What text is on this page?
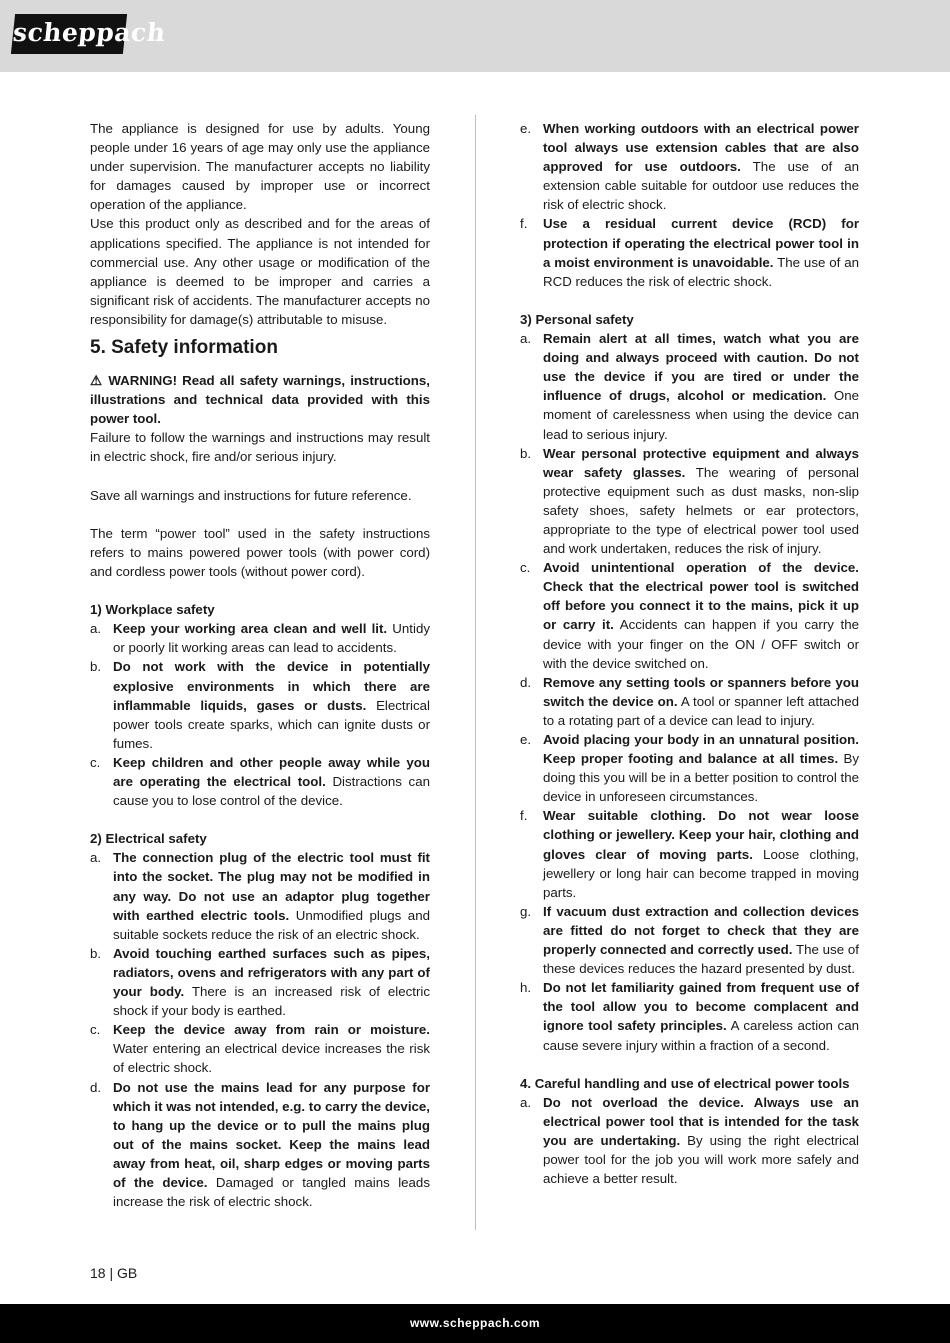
scheppach

The appliance is designed for use by adults. Young people under 16 years of age may only use the appliance under supervision. The manufacturer accepts no liability for damages caused by improper use or incorrect operation of the appliance.

Use this product only as described and for the areas of applications specified. The appliance is not intended for commercial use. Any other usage or modification of the appliance is deemed to be improper and carries a significant risk of accidents. The manufacturer accepts no responsibility for damage(s) attributable to misuse.

5. Safety information

⚠ WARNING! Read all safety warnings, instructions, illustrations and technical data provided with this power tool.

Failure to follow the warnings and instructions may result in electric shock, fire and/or serious injury.

Save all warnings and instructions for future reference.

The term “power tool” used in the safety instructions refers to mains powered power tools (with power cord) and cordless power tools (without power cord).

1) Workplace safety
a. Keep your working area clean and well lit. Untidy or poorly lit working areas can lead to accidents.
b. Do not work with the device in potentially explosive environments in which there are inflammable liquids, gases or dusts. Electrical power tools create sparks, which can ignite dusts or fumes.
c. Keep children and other people away while you are operating the electrical tool. Distractions can cause you to lose control of the device.
2) Electrical safety
a. The connection plug of the electric tool must fit into the socket. The plug may not be modified in any way. Do not use an adaptor plug together with earthed electric tools. Unmodified plugs and suitable sockets reduce the risk of an electric shock.
b. Avoid touching earthed surfaces such as pipes, radiators, ovens and refrigerators with any part of your body. There is an increased risk of electric shock if your body is earthed.
c. Keep the device away from rain or moisture. Water entering an electrical device increases the risk of electric shock.
d. Do not use the mains lead for any purpose for which it was not intended, e.g. to carry the device, to hang up the device or to pull the mains plug out of the mains socket. Keep the mains lead away from heat, oil, sharp edges or moving parts of the device. Damaged or tangled mains leads increase the risk of electric shock.
e. When working outdoors with an electrical power tool always use extension cables that are also approved for use outdoors. The use of an extension cable suitable for outdoor use reduces the risk of electric shock.
f.	Use a residual current device (RCD) for protection if operating the electrical power tool in a moist environment is unavoidable. The use of an RCD reduces the risk of electric shock.
3) Personal safety
a. Remain alert at all times, watch what you are doing and always proceed with caution. Do not use the device if you are tired or under the influence of drugs, alcohol or medication. One moment of carelessness when using the device can lead to serious injury.
b. Wear personal protective equipment and always wear safety glasses. The wearing of personal protective equipment such as dust masks, non-slip safety shoes, safety helmets or ear protectors, appropriate to the type of electrical power tool used and work undertaken, reduces the risk of injury.
c. Avoid unintentional operation of the device. Check that the electrical power tool is switched off before you connect it to the mains, pick it up or carry it. Accidents can happen if you carry the device with your finger on the ON / OFF switch or with the device switched on.
d. Remove any setting tools or spanners before you switch the device on. A tool or spanner left attached to a rotating part of a device can lead to injury.
e. Avoid placing your body in an unnatural position. Keep proper footing and balance at all times. By doing this you will be in a better position to control the device in unforeseen circumstances.
f.	Wear suitable clothing. Do not wear loose clothing or jewellery. Keep your hair, clothing and gloves clear of moving parts. Loose clothing, jewellery or long hair can become trapped in moving parts.
g. If vacuum dust extraction and collection devices are fitted do not forget to check that they are properly connected and correctly used. The use of these devices reduces the hazard presented by dust.
h. Do not let familiarity gained from frequent use of the tool allow you to become complacent and ignore tool safety principles. A careless action can cause severe injury within a fraction of a second.
4. Careful handling and use of electrical power tools
a. Do not overload the device. Always use an electrical power tool that is intended for the task you are undertaking. By using the right electrical power tool for the job you will work more safely and achieve a better result.
18 | GB
www.scheppach.com
